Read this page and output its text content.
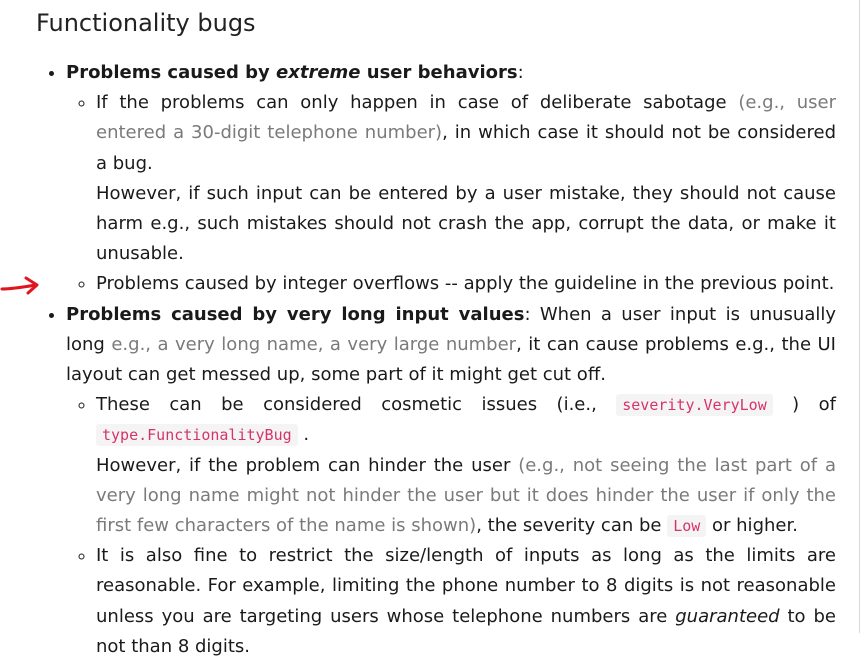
Functionality bugs
• Problems caused by extreme user behaviors:

◦ If the problems can only happen in case of deliberate sabotage (e.g., user entered a 30-digit telephone number), in which case it should not be considered a bug.

However, if such input can be entered by a user mistake, they should not cause harm e.g., such mistakes should not crash the app, corrupt the data, or make it unusable.

◦ Problems caused by integer overflows -- apply the guideline in the previous point.

• Problems caused by very long input values: When a user input is unusually long e.g., a very long name, a very large number, it can cause problems e.g., the UI layout can get messed up, some part of it might get cut off.

◦ These can be considered cosmetic issues (i.e., severity.VeryLow ) of type.FunctionalityBug .

However, if the problem can hinder the user (e.g., not seeing the last part of a very long name might not hinder the user but it does hinder the user if only the first few characters of the name is shown), the severity can be Low or higher.

◦ It is also fine to restrict the size/length of inputs as long as the limits are reasonable. For example, limiting the phone number to 8 digits is not reasonable unless you are targeting users whose telephone numbers are guaranteed to be not than 8 digits.
